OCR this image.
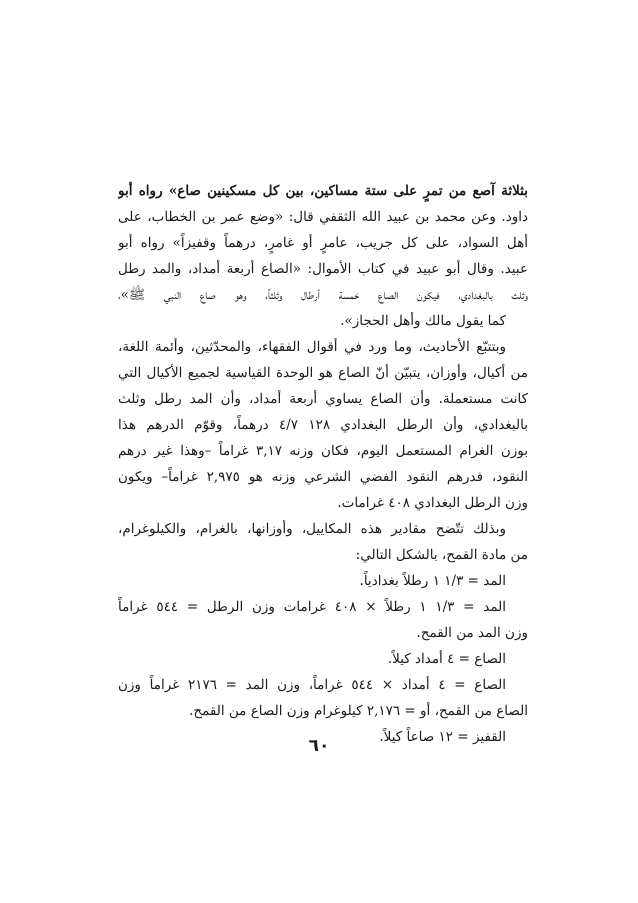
بثلاثة آصع من تمرٍ على ستة مساكين، بين كل مسكينين صاع» رواه أبو
داود. وعن محمد بن عبيد الله الثقفي قال: «وضع عمر بن الخطاب، على
أهل السواد، على كل جريب، عامرٍ أو غامرٍ، درهماً وقفيزاً» رواه أبو
عبيد. وقال أبو عبيد في كتاب الأموال: «الصاع أربعة أمداد، والمد رطل
وثلث بالبغدادي، فيكون الصاع خمسة أرطال وثلثاً، وهو صاع النبي ﷺ»،
كما يقول مالك وأهل الحجاز».
وبتتبّع الأحاديث، وما ورد في أقوال الفقهاء، والمحدّثين، وأئمة اللغة،
من أكيال، وأوزان، يتبيّن أنّ الصاع هو الوحدة القياسية لجميع الأكيال التي
كانت مستعملة. وأن الصاع يساوي أربعة أمداد، وأن المد رطل وثلث
بالبغدادي، وأن الرطل البغدادي ١٢٨ ٤/٧ درهماً، وقوّم الدرهم هذا
بوزن الغرام المستعمل اليوم، فكان وزنه ٣,١٧ غراماً –وهذا غير درهم
النقود، فدرهم النقود الفضي الشرعي وزنه هو ٢,٩٧٥ غراماً– ويكون
وزن الرطل البغدادي ٤٠٨ غرامات.
وبذلك تتّضح مقادير هذه المكاييل، وأوزانها، بالغرام، والكيلوغرام،
من مادة القمح، بالشكل التالي:
المد = ١/٣ ١ رطلاً بغدادياً.
المد = ١/٣ ١ رطلاً × ٤٠٨ غرامات وزن الرطل = ٥٤٤ غراماً
وزن المد من القمح.
الصاع = ٤ أمداد كيلاً.
الصاع = ٤ أمداد × ٥٤٤ غراماً، وزن المد = ٢١٧٦ غراماً وزن
الصاع من القمح، أو = ٢,١٧٦ كيلوغرام وزن الصاع من القمح.
القفيز = ١٢ صاعاً كيلاً.
٦٠
